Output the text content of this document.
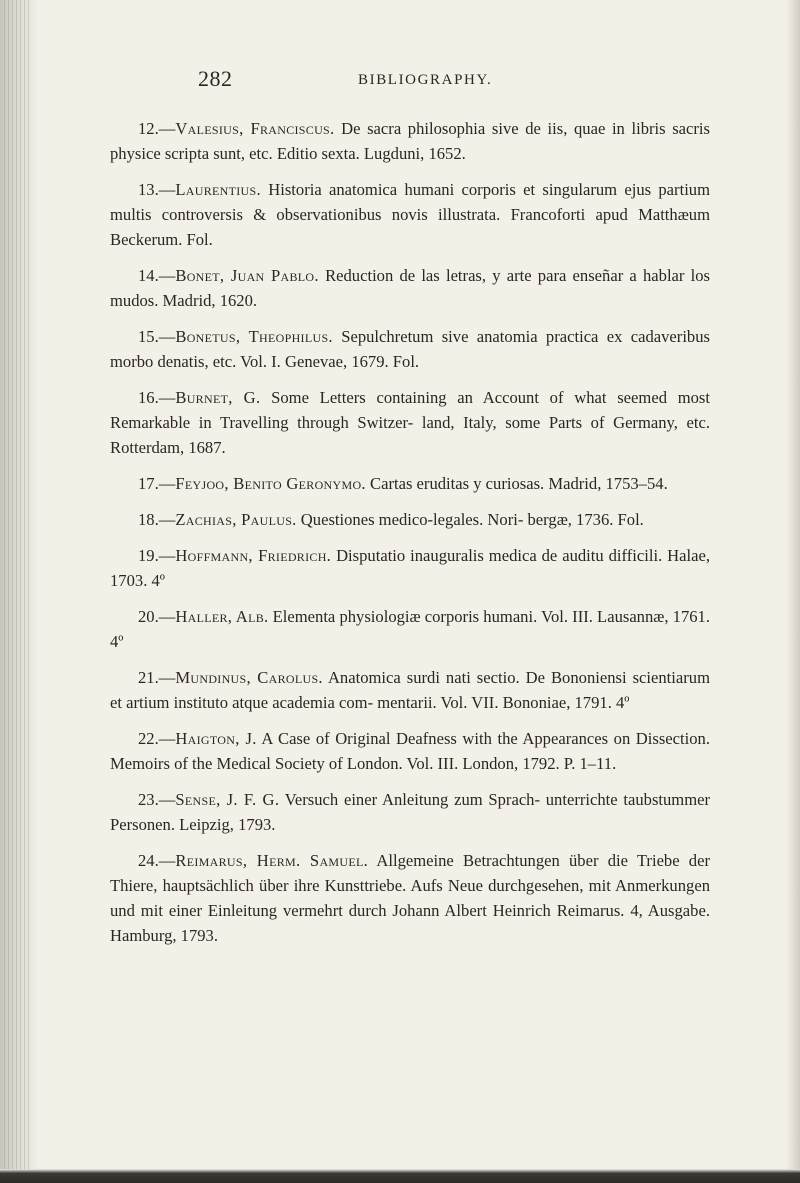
282	BIBLIOGRAPHY.

12.—Valesius, Franciscus. De sacra philosophia sive de iis, quae in libris sacris physice scripta sunt, etc. Editio sexta. Lugduni, 1652.

13.—Laurentius. Historia anatomica humani corporis et singularum ejus partium multis controversis & observationibus novis illustrata. Francoforti apud Matthæum Beckerum. Fol.

14.—Bonet, Juan Pablo. Reduction de las letras, y arte para enseñar a hablar los mudos. Madrid, 1620.

15.—Bonetus, Theophilus. Sepulchretum sive anatomia practica ex cadaveribus morbo denatis, etc. Vol. I. Genevae, 1679. Fol.

16.—Burnet, G. Some Letters containing an Account of what seemed most Remarkable in Travelling through Switzer- land, Italy, some Parts of Germany, etc. Rotterdam, 1687.

17.—Feyjoo, Benito Geronymo. Cartas eruditas y curiosas. Madrid, 1753–54.

18.—Zachias, Paulus. Questiones medico-legales. Nori- bergæ, 1736. Fol.

19.—Hoffmann, Friedrich. Disputatio inauguralis medica de auditu difficili. Halae, 1703. 4º

20.—Haller, Alb. Elementa physiologiæ corporis humani. Vol. III. Lausannæ, 1761. 4º

21.—Mundinus, Carolus. Anatomica surdi nati sectio. De Bononiensi scientiarum et artium instituto atque academia com- mentarii. Vol. VII. Bononiae, 1791. 4º

22.—Haigton, J. A Case of Original Deafness with the Appearances on Dissection. Memoirs of the Medical Society of London. Vol. III. London, 1792. P. 1–11.

23.—Sense, J. F. G. Versuch einer Anleitung zum Sprach- unterrichte taubstummer Personen. Leipzig, 1793.

24.—Reimarus, Herm. Samuel. Allgemeine Betrachtungen über die Triebe der Thiere, hauptsächlich über ihre Kunsttriebe. Aufs Neue durchgesehen, mit Anmerkungen und mit einer Einleitung vermehrt durch Johann Albert Heinrich Reimarus. 4, Ausgabe. Hamburg, 1793.
